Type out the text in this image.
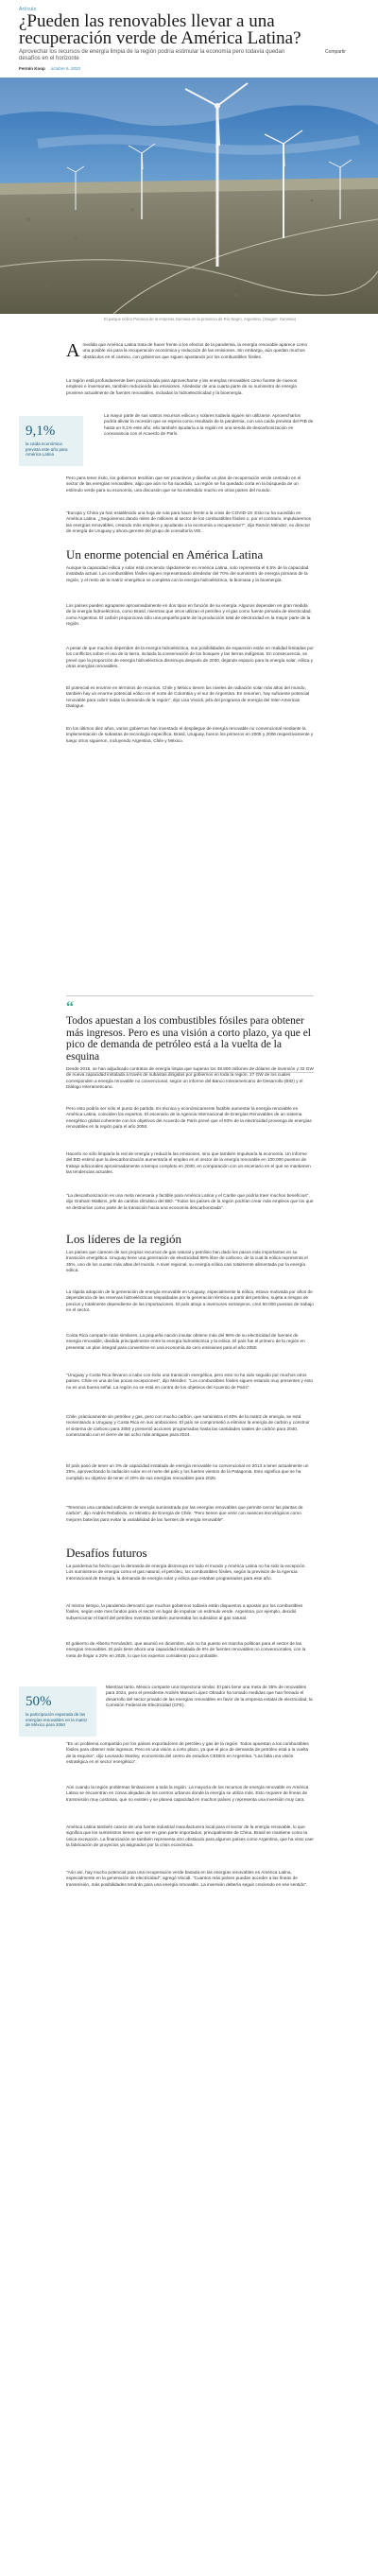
Artículo
¿Pueden las renovables llevar a una recuperación verde de América Latina?
Aprovechar los recursos de energía limpia de la región podría estimular la economía pero todavía quedan desafíos en el horizonte
Compartir
Fermín Koop octubre 6, 2020
El parque eólico Pomona de la empresa Genneia en la provincia de Río Negro, Argentina. (Imagen: Genneia)

Amedida que América Latina trata de hacer frente a los efectos de la pandemia, la energía renovable aparece como una posible vía para la recuperación económica y reducción de las emisiones. Sin embargo, aún quedan muchos obstáculos en el camino, con gobiernos que siguen apostando por los combustibles fósiles.

La región está profundamente bien posicionada para aprovecharse y las energías renovables como fuente de nuevos empleos e inversiones, también reduciendo las emisiones. Alrededor de una cuarta parte de su suministro de energía proviene actualmente de fuentes renovables, incluidas la hidroelectricidad y la bioenergía.

9,1%
la caída económica prevista este año para América Latina

La mayor parte de sus vastos recursos eólicos y solares todavía siguen sin utilizarse. Aprovecharlos podría aliviar la recesión que se espera como resultado de la pandemia, con una caída prevista del PIB de hasta un 9,1% este año; ello también ayudaría a la región en una senda de descarbonización en consonancia con el Acuerdo de París.

Pero para tener éxito, los gobiernos tendrían que ser proactivos y diseñar un plan de recuperación verde centrado en el sector de las energías renovables, algo que aún no ha sucedido. La región se ha quedado corta en la búsqueda de un estímulo verde para su economía, una discusión que se ha extendido mucho en otras partes del mundo.

"Europa y China ya han establecido una hoja de ruta para hacer frente a la crisis de COVID-19. Esto no ha sucedido en América Latina. ¿Seguiremos dando miles de millones al sector de los combustibles fósiles o, por el contrario, impulsaremos las energías renovables, creando más empleos y ayudando a la economía a recuperarse?", dijo Ramón Méndez, ex director de energía de Uruguay y ahora gerente del grupo de consultoría VIE.

Un enorme potencial en América Latina

Aunque la capacidad eólica y solar está creciendo rápidamente en América Latina, solo representa el 6,5% de la capacidad instalada actual. Los combustibles fósiles siguen representando alrededor del 70% del suministro de energía primaria de la región, y el resto de la matriz energética se completa con la energía hidroeléctrica, la biomasa y la bioenergía.

Los países pueden agruparse aproximadamente en dos tipos en función de su energía. Algunos dependen en gran medida de la energía hidroeléctrica, como Brasil, mientras que otros utilizan el petróleo y el gas como fuente primaria de electricidad, como Argentina. El carbón proporciona sólo una pequeña parte de la producción total de electricidad en la mayor parte de la región.

A pesar de que muchos dependen de la energía hidroeléctrica, sus posibilidades de expansión están en realidad limitadas por los conflictos sobre el uso de la tierra, incluida la conservación de los bosques y las tierras indígenas. En consecuencia, se prevé que la proporción de energía hidroeléctrica disminuya después de 2030, dejando espacio para la energía solar, eólica y otras energías renovables.

El potencial es enorme en términos de recursos. Chile y México tienen los niveles de radiación solar más altos del mundo, también hay un enorme potencial eólico en el norte de Colombia y el sur de Argentina. En resumen, hay suficiente potencial renovable para cubrir todas la demanda de la región", dijo Lisa Viscidi, jefa del programa de energía del Inter-American Dialogue.

En los últimos diez años, varios gobiernos han inventado el despliegue de energía renovable no convencional mediante la implementación de subastas de tecnología específica. Brasil, Uruguay, fueron los primeros en 2005 y 2006 respectivamente y luego otros siguieron, incluyendo Argentina, Chile y México.

“
Todos apuestan a los combustibles fósiles para obtener más ingresos. Pero es una visión a corto plazo, ya que el pico de demanda de petróleo está a la vuelta de la esquina

Desde 2015, se han adjudicado contratos de energía limpia que superan los 48.800 millones de dólares de inversión y 32 GW de nueva capacidad instalada a través de subastas dirigidas por gobiernos en toda la región. 27 GW de los cuales corresponden a energía renovable no convencional, según un informe del Banco Interamericano de Desarrollo (BID) y el Diálogo Interamericano.

Pero esto podría ser sólo el punto de partida. Es técnica y económicamente factible aumentar la energía renovable en América Latina, coinciden los expertos. El escenario de la Agencia Internacional de Energías Renovables de un sistema energético global coherente con los objetivos del Acuerdo de París prevé que el 93% de la electricidad provenga de energías renovables en la región para el año 2050.

Hacerlo no sólo limpiaría la red de energía y reduciría las emisiones, sino que también impulsaría la economía. Un informe del BID estimó que la descarbonización aumentaría el empleo en el sector de la energía renovable en 100.000 puestos de trabajo adicionales aproximadamente a tiempo completo en 2030, en comparación con un escenario en el que se mantienen las tendencias actuales.

"La descarbonización es una meta necesaria y factible para América Latina y el Caribe que podría traer muchos beneficios", dijo Graham Watkins, jefe de cambio climático del BID. "Todos los países de la región podrían crear más empleos que los que se destruirían como parte de la transición hacia una economía descarbonizada".

Los líderes de la región

Los países que carecen de sus propios recursos de gas natural y petróleo han dado los pasos más importantes en su transición energética. Uruguay tiene una generación de electricidad 98% libre de carbono, de la cual la eólica representa el 35%, uno de los cuotas más altas del mundo. A nivel regional, su energía eólica casi totalmente alimentada por la energía eólica.

La rápida adopción de la generación de energía renovable en Uruguay, especialmente la eólica, estuvo motivada por años de dependencia de las reservas hidroeléctricas respaldadas por la generación térmica a partir del petróleo, sujeta a riesgos de precios y totalmente dependiente de las importaciones. El país atrajo a inversores extranjeros, creó 50.000 puestos de trabajo en el sector.

Costa Rica comparte rutas similares. La pequeña nación insular obtiene más del 98% de su electricidad de fuentes de energía renovable, dividida principalmente entre la energía hidroeléctrica y la eólica. El país fue el primero de la región en presentar un plan integral para convertirse en una economía de cero emisiones para el año 2050.

"Uruguay y Costa Rica llevaron a cabo con éxito una transición energética, pero esto no ha sido seguido por muchos otros países. Chile es una de las pocas excepciones", dijo Méndez. "Los combustibles fósiles siguen estando muy presentes y esto no es una buena señal. La región no se está en contra de los objetivos del Acuerdo de París".

Chile, prácticamente sin petróleo y gas, pero con mucho carbón, que suministra el 40% de la matriz de energía, se está reorientando a Uruguay y Costa Rica en sus ambiciones. El país se comprometió a eliminar la energía de carbón y construir el sistema de carbono para 2050 y presentó acciones programadas hasta las cantidades totales de carbón para 2040, comenzando con el cierre de las ocho más antiguas para 2024.

El país pasó de tener un 3% de capacidad instalada de energía renovable no convencional en 2013 a tener actualmente un 25%, aprovechando la radiación solar en el norte del país y los fuertes vientos de la Patagonia. Esto significa que se ha cumplido su objetivo de tener el 20% de sus energías renovables para 2025.

"Tenemos una cantidad suficiente de energía suministrada por las energías renovables que permite cerrar las plantas de carbón", dijo Andrés Rebolledo, ex Ministro de Energía de Chile. "Pero tienen que venir con avances tecnológicos como mejores baterías para evitar la variabilidad de las fuentes de energía renovable".

Desafíos futuros

La pandemia ha hecho que la demanda de energía disminuya en todo el mundo y América Latina no ha sido la excepción. Los suministros de energía como el gas natural, el petróleo, los combustibles fósiles, según la previsión de la Agencia Internacional de Energía, la demanda de energía solar y eólica que estaban programados para este año.

Al mismo tiempo, la pandemia demostró que muchos gobiernos todavía están dispuestos a apostar por los combustibles fósiles, según este mes fondos para el sector en lugar de impulsar un estímulo verde. Argentina, por ejemplo, decidió subvencionar el barril del petróleo mientras también aumentaba los subsidios al gas natural.

El gobierno de Alberto Fernández, que asumió en diciembre, aún no ha puesto en marcha políticas para el sector de las energías renovables. El país tiene ahora una capacidad instalada de 8% de fuentes renovables no convencionales, con la meta de llegar a 20% en 2025, lo que los expertos consideran poco probable.

50%
la participación esperada de las energías renovables en la matriz de México para 2050

Mientras tanto, México comparte una trayectoria similar. El país tiene una meta de 35% de renovables para 2024, pero el presidente Andrés Manuel López Obrador ha tomado medidas que han frenado el desarrollo del sector privado de las energías renovables en favor de la empresa estatal de electricidad, la Comisión Federal de Electricidad (CFE).

"Es un problema compartido por los países exportadores de petróleo y gas de la región. Todos apuestan a los combustibles fósiles para obtener más ingresos. Pero es una visión a corto plazo, ya que el pico de demanda de petróleo está a la vuelta de la esquina", dijo Leonardo Stanley, economista del centro de estudios CEDES en Argentina. "Las falta una visión estratégica en el sector energético".

Aún cuando la región problemas limitaciones a toda la región. La mayoría de los recursos de energía renovable en América Latina se encuentran en zonas alejadas de los centros urbanos donde la energía se utiliza más. Esto requiere de líneas de transmisión muy costosas, que no existen y se planea capacidad en muchos países y representa una inversión muy cara.

América Latina también carece de una fuente industrial manufacturera local para el sector de la energía renovable, lo que significa que los suministros tienen que ser en gran parte importados, principalmente de China. Brasil se mantiene como la única excepción. La financiación se también representa otro obstáculo para algunos países como Argentina, que ha visto caer la fabricación de proyectos ya asignados por la crisis económica.

"Aún así, hay mucho potencial para una recuperación verde basada en las energías renovables en América Latina, especialmente en la generación de electricidad", agregó Viscidi. "Cuantos más países puedan acceder a las líneas de transmisión, más posibilidades tendrán para una energía renovable. La inversión debería seguir creciendo en ese sentido".
